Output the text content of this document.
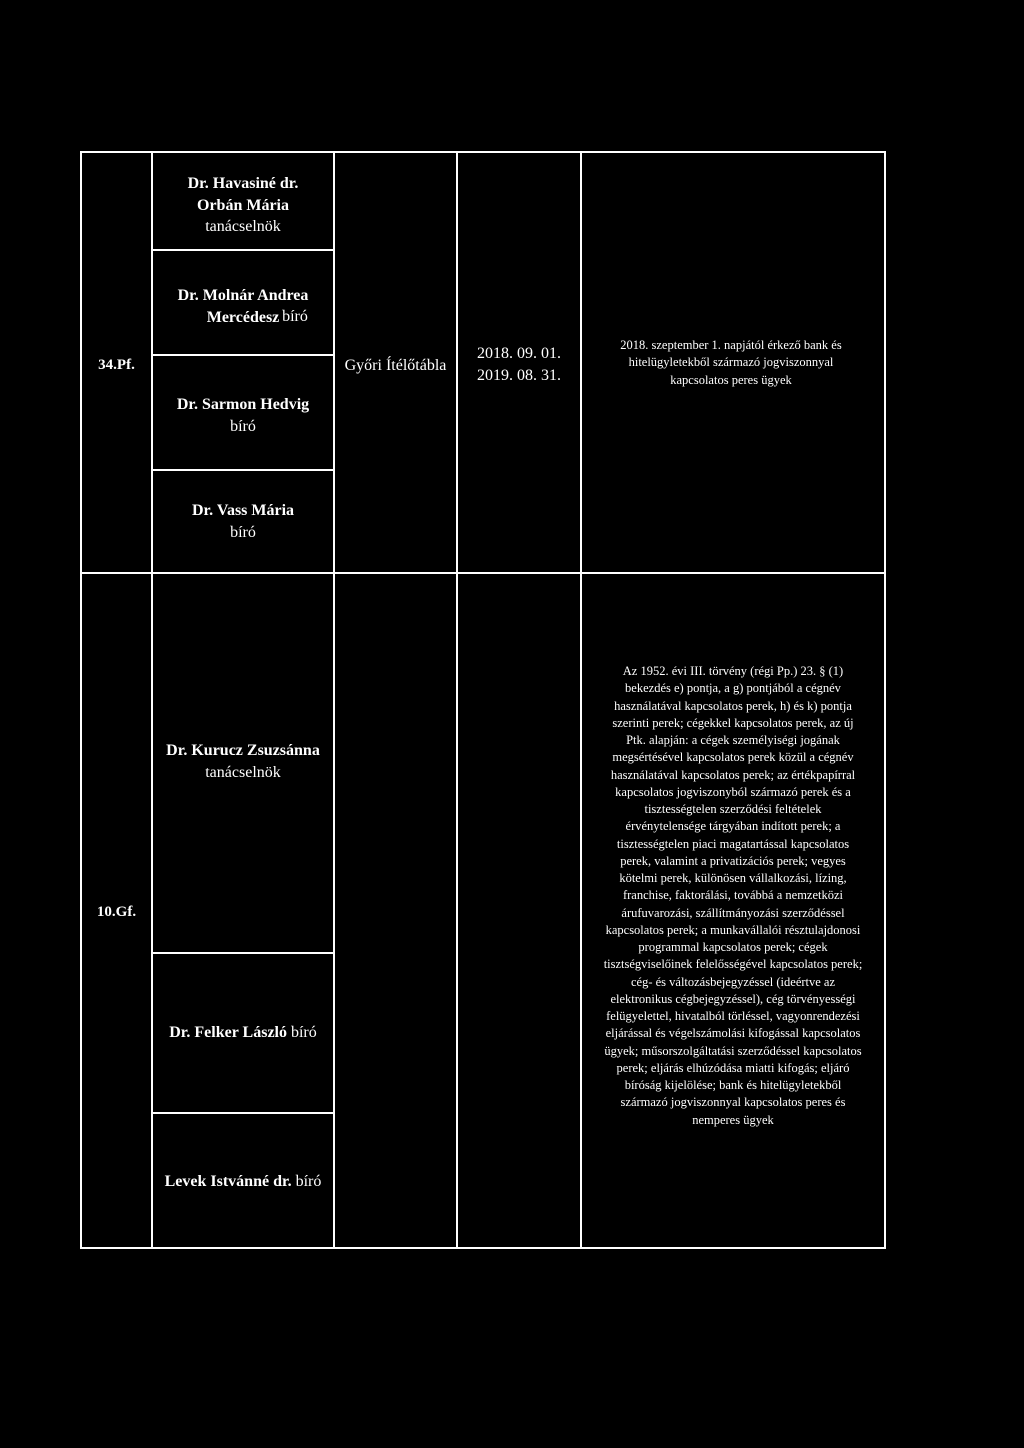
34.Pf.
Dr. Havasiné dr. Orbán Mária
tanácselnök
Dr. Molnár Andrea Mercédesz bíró
Dr. Sarmon Hedvig
bíró
Dr. Vass Mária
bíró
Győri Ítélőtábla
2018. 09. 01.
2019. 08. 31.
2018. szeptember 1. napjától érkező bank és hitelügyletekből származó jogviszonnyal kapcsolatos peres ügyek
10.Gf.
Dr. Kurucz Zsuzsánna
tanácselnök
Dr. Felker László bíró
Levek Istvánné dr. bíró
Az 1952. évi III. törvény (régi Pp.) 23. § (1)
bekezdés e) pontja, a g) pontjából a cégnév
használatával kapcsolatos perek, h) és k) pontja
szerinti perek; cégekkel kapcsolatos perek, az új
Ptk. alapján: a cégek személyiségi jogának
megsértésével kapcsolatos perek közül a cégnév
használatával kapcsolatos perek; az értékpapírral
kapcsolatos jogviszonyból származó perek és a
tisztességtelen szerződési feltételek
érvénytelensége tárgyában indított perek; a
tisztességtelen piaci magatartással kapcsolatos
perek, valamint a privatizációs perek; vegyes
kötelmi perek, különösen vállalkozási, lízing,
franchise, faktorálási, továbbá a nemzetközi
árufuvarozási, szállítmányozási szerződéssel
kapcsolatos perek; a munkavállalói résztulajdonosi
programmal kapcsolatos perek; cégek
tisztségviselőinek felelősségével kapcsolatos perek;
cég- és változásbejegyzéssel (ideértve az
elektronikus cégbejegyzéssel), cég törvényességi
felügyelettel, hivatalból törléssel, vagyonrendezési
eljárással és végelszámolási kifogással kapcsolatos
ügyek; műsorszolgáltatási szerződéssel kapcsolatos
perek; eljárás elhúzódása miatti kifogás; eljáró
bíróság kijelölése; bank és hitelügyletekből
származó jogviszonnyal kapcsolatos peres és
nemperes ügyek
